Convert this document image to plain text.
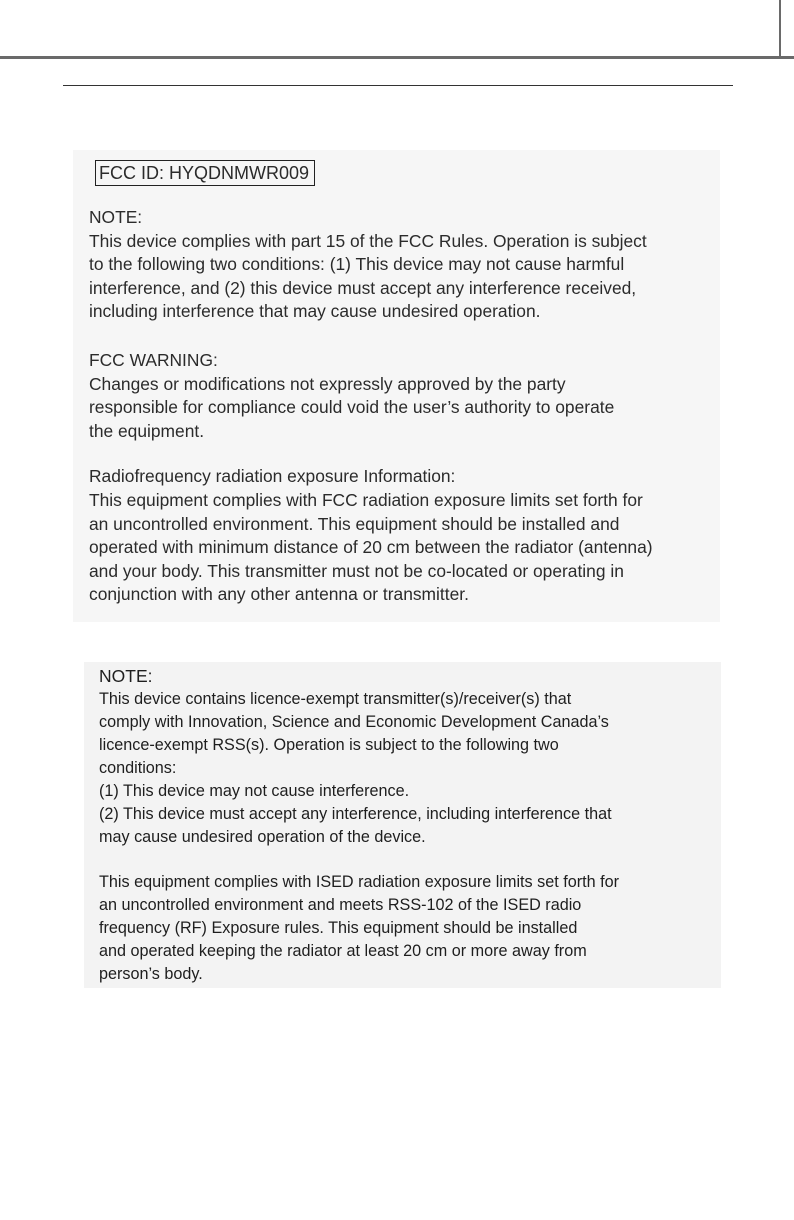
FCC ID: HYQDNMWR009

NOTE:

This device complies with part 15 of the FCC Rules. Operation is subject

to the following two conditions: (1) This device may not cause harmful

interference, and (2) this device must accept any interference received,

including interference that may cause undesired operation.

FCC WARNING:

Changes or modifications not expressly approved by the party

responsible for compliance could void the user’s authority to operate

the equipment.

Radiofrequency radiation exposure Information:

This equipment complies with FCC radiation exposure limits set forth for

an uncontrolled environment. This equipment should be installed and

operated with minimum distance of 20 cm between the radiator (antenna)

and your body. This transmitter must not be co-located or operating in

conjunction with any other antenna or transmitter.

NOTE:

This device contains licence-exempt transmitter(s)/receiver(s) that

comply with Innovation, Science and Economic Development Canada’s

licence-exempt RSS(s). Operation is subject to the following two

conditions:

(1) This device may not cause interference.

(2) This device must accept any interference, including interference that

may cause undesired operation of the device.

This equipment complies with ISED radiation exposure limits set forth for

an uncontrolled environment and meets RSS-102 of the ISED radio

frequency (RF) Exposure rules. This equipment should be installed

and operated keeping the radiator at least 20 cm or more away from

person’s body.
